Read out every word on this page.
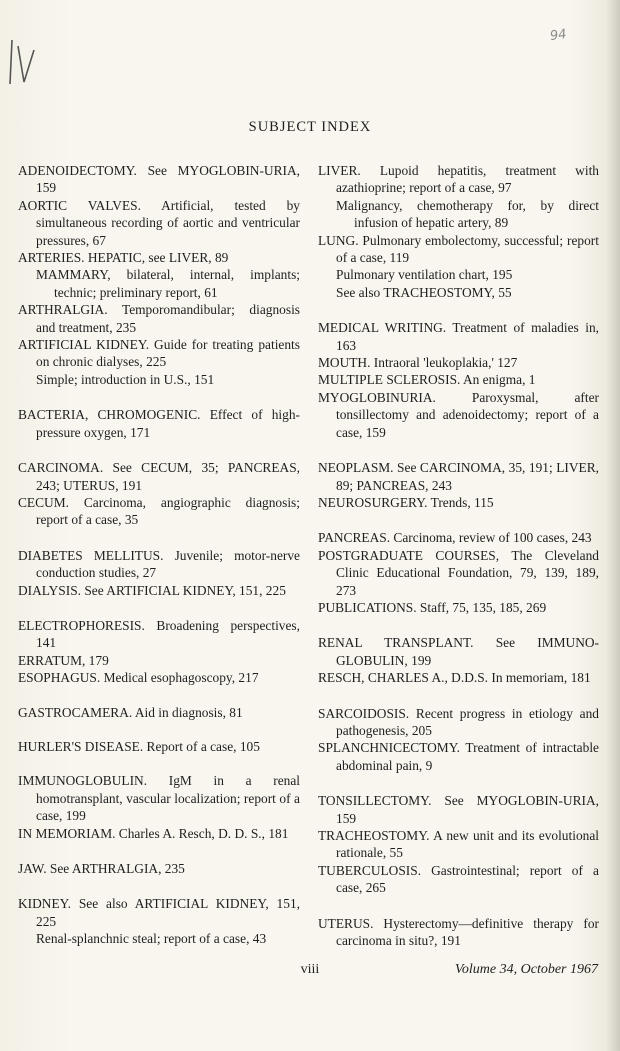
94
SUBJECT INDEX

ADENOIDECTOMY. See MYOGLOBIN-URIA, 159

AORTIC VALVES. Artificial, tested by simultaneous recording of aortic and ventricular pressures, 67

ARTERIES. HEPATIC, see LIVER, 89

MAMMARY, bilateral, internal, implants; technic; preliminary report, 61

ARTHRALGIA. Temporomandibular; diagnosis and treatment, 235

ARTIFICIAL KIDNEY. Guide for treating patients on chronic dialyses, 225

Simple; introduction in U.S., 151

BACTERIA, CHROMOGENIC. Effect of high-pressure oxygen, 171

CARCINOMA. See CECUM, 35; PANCREAS, 243; UTERUS, 191

CECUM. Carcinoma, angiographic diagnosis; report of a case, 35

DIABETES MELLITUS. Juvenile; motor-nerve conduction studies, 27

DIALYSIS. See ARTIFICIAL KIDNEY, 151, 225

ELECTROPHORESIS. Broadening perspectives, 141

ERRATUM, 179

ESOPHAGUS. Medical esophagoscopy, 217

GASTROCAMERA. Aid in diagnosis, 81

HURLER'S DISEASE. Report of a case, 105

IMMUNOGLOBULIN. IgM in a renal homotransplant, vascular localization; report of a case, 199

IN MEMORIAM. Charles A. Resch, D. D. S., 181

JAW. See ARTHRALGIA, 235

KIDNEY. See also ARTIFICIAL KIDNEY, 151, 225

Renal-splanchnic steal; report of a case, 43

LIVER. Lupoid hepatitis, treatment with azathioprine; report of a case, 97

Malignancy, chemotherapy for, by direct infusion of hepatic artery, 89

LUNG. Pulmonary embolectomy, successful; report of a case, 119

Pulmonary ventilation chart, 195

See also TRACHEOSTOMY, 55

MEDICAL WRITING. Treatment of maladies in, 163

MOUTH. Intraoral 'leukoplakia,' 127

MULTIPLE SCLEROSIS. An enigma, 1

MYOGLOBINURIA. Paroxysmal, after tonsillectomy and adenoidectomy; report of a case, 159

NEOPLASM. See CARCINOMA, 35, 191; LIVER, 89; PANCREAS, 243

NEUROSURGERY. Trends, 115

PANCREAS. Carcinoma, review of 100 cases, 243

POSTGRADUATE COURSES, The Cleveland Clinic Educational Foundation, 79, 139, 189, 273

PUBLICATIONS. Staff, 75, 135, 185, 269

RENAL TRANSPLANT. See IMMUNO-GLOBULIN, 199

RESCH, CHARLES A., D.D.S. In memoriam, 181

SARCOIDOSIS. Recent progress in etiology and pathogenesis, 205

SPLANCHNICECTOMY. Treatment of intractable abdominal pain, 9

TONSILLECTOMY. See MYOGLOBIN-URIA, 159

TRACHEOSTOMY. A new unit and its evolutional rationale, 55

TUBERCULOSIS. Gastrointestinal; report of a case, 265

UTERUS. Hysterectomy—definitive therapy for carcinoma in situ?, 191

viii	Volume 34, October 1967
